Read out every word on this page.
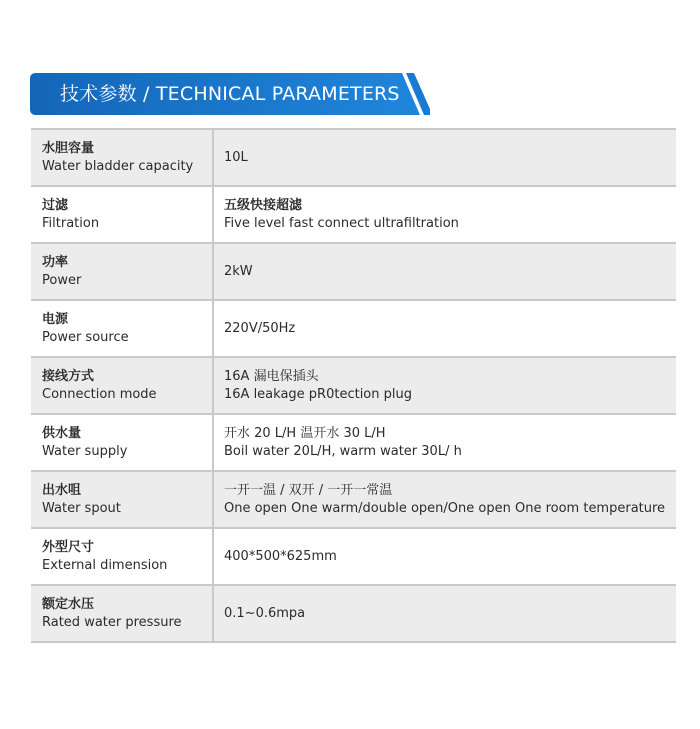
技术参数 / TECHNICAL PARAMETERS
水胆容量
Water bladder capacity
10L
过滤
Filtration
五级快接超滤
Five level fast connect ultrafiltration
功率
Power
2kW
电源
Power source
220V/50Hz
接线方式
Connection mode
16A 漏电保插头
16A leakage pR0tection plug
供水量
Water supply
开水 20 L/H 温开水 30 L/H
Boil water 20L/H, warm water 30L/ h
出水咀
Water spout
一开一温 / 双开 / 一开一常温
One open One warm/double open/One open One room temperature
外型尺寸
External dimension
400*500*625mm
额定水压
Rated water pressure
0.1~0.6mpa
